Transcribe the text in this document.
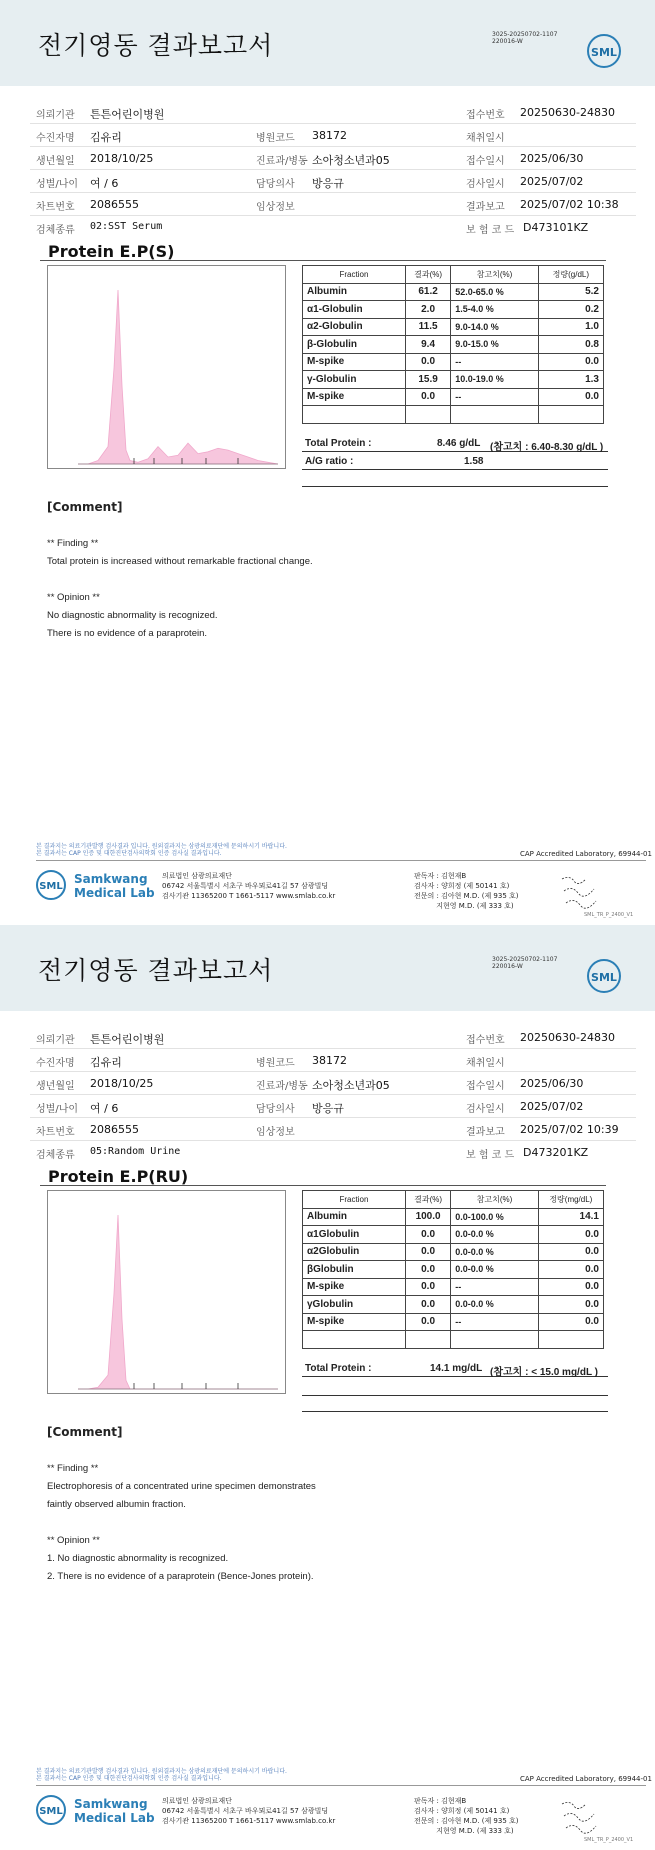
전기영동 결과보고서	3025-20250702-1107
220016-W
SML
의뢰기관 튼튼어린이병원	접수번호 20250630-24830
수진자명 김유리	병원코드 38172	채취일시
생년월일 2018/10/25	진료과/병동 소아청소년과05	접수일시 2025/06/30
성별/나이 여 / 6	담당의사 방응규	검사일시 2025/07/02
차트번호 2086555	임상정보	결과보고 2025/07/02 10:38
검체종류 02:SST Serum	보 험 코 드 D473101KZ
Protein E.P(S)
Fraction	결과(%)	참고치(%)	정량(g/dL)
Albumin	61.2	52.0-65.0 %	5.2
α1-Globulin	2.0	1.5-4.0 %	0.2
α2-Globulin	11.5	9.0-14.0 %	1.0
β-Globulin	9.4	9.0-15.0 %	0.8
M-spike	0.0	--	0.0
γ-Globulin	15.9	10.0-19.0 %	1.3
M-spike	0.0	--	0.0

Total Protein :	8.46 g/dL (참고치 : 6.40-8.30 g/dL )
A/G ratio :	1.58
[Comment]
** Finding **
Total protein is increased without remarkable fractional change.
** Opinion **
No diagnostic abnormality is recognized.
There is no evidence of a paraprotein.
본 결과지는 의료기관발행 검사결과 입니다. 원외결과지는 삼광의료재단에 문의하시기 바랍니다.
본 결과서는 CAP 인증 및 대한진단검사의학회 인증 검사실 결과입니다.	CAP Accredited Laboratory, 69944-01
SML
Samkwang
Medical Lab
의료법인 삼광의료재단
06742 서울특별시 서초구 바우뫼로41길 57 삼광빌딩
검사기관 11365200 T 1661-5117 www.smlab.co.kr
판독자 : 김현재B
검사자 : 양희정 (제 50141 호)
전문의 : 김아현 M.D. (제 935 호)
지현영 M.D. (제 333 호)
SML_TR_P_2400_V1
전기영동 결과보고서	3025-20250702-1107
220016-W
SML
의뢰기관 튼튼어린이병원	접수번호 20250630-24830
수진자명 김유리	병원코드 38172	채취일시
생년월일 2018/10/25	진료과/병동 소아청소년과05	접수일시 2025/06/30
성별/나이 여 / 6	담당의사 방응규	검사일시 2025/07/02
차트번호 2086555	임상정보	결과보고 2025/07/02 10:39
검체종류 05:Random Urine	보 험 코 드 D473201KZ
Protein E.P(RU)
Fraction	결과(%)	참고치(%)	정량(mg/dL)
Albumin	100.0	0.0-100.0 %	14.1
α1Globulin	0.0	0.0-0.0 %	0.0
α2Globulin	0.0	0.0-0.0 %	0.0
βGlobulin	0.0	0.0-0.0 %	0.0
M-spike	0.0	--	0.0
γGlobulin	0.0	0.0-0.0 %	0.0
M-spike	0.0	--	0.0

Total Protein :	14.1 mg/dL (참고치 : < 15.0 mg/dL )
[Comment]
** Finding **
Electrophoresis of a concentrated urine specimen demonstrates
faintly observed albumin fraction.
** Opinion **
1. No diagnostic abnormality is recognized.
2. There is no evidence of a paraprotein (Bence-Jones protein).
본 결과지는 의료기관발행 검사결과 입니다. 원외결과지는 삼광의료재단에 문의하시기 바랍니다.
본 결과서는 CAP 인증 및 대한진단검사의학회 인증 검사실 결과입니다.	CAP Accredited Laboratory, 69944-01
SML
Samkwang
Medical Lab
의료법인 삼광의료재단
06742 서울특별시 서초구 바우뫼로41길 57 삼광빌딩
검사기관 11365200 T 1661-5117 www.smlab.co.kr
판독자 : 김현재B
검사자 : 양희정 (제 50141 호)
전문의 : 김아현 M.D. (제 935 호)
지현영 M.D. (제 333 호)
SML_TR_P_2400_V1
